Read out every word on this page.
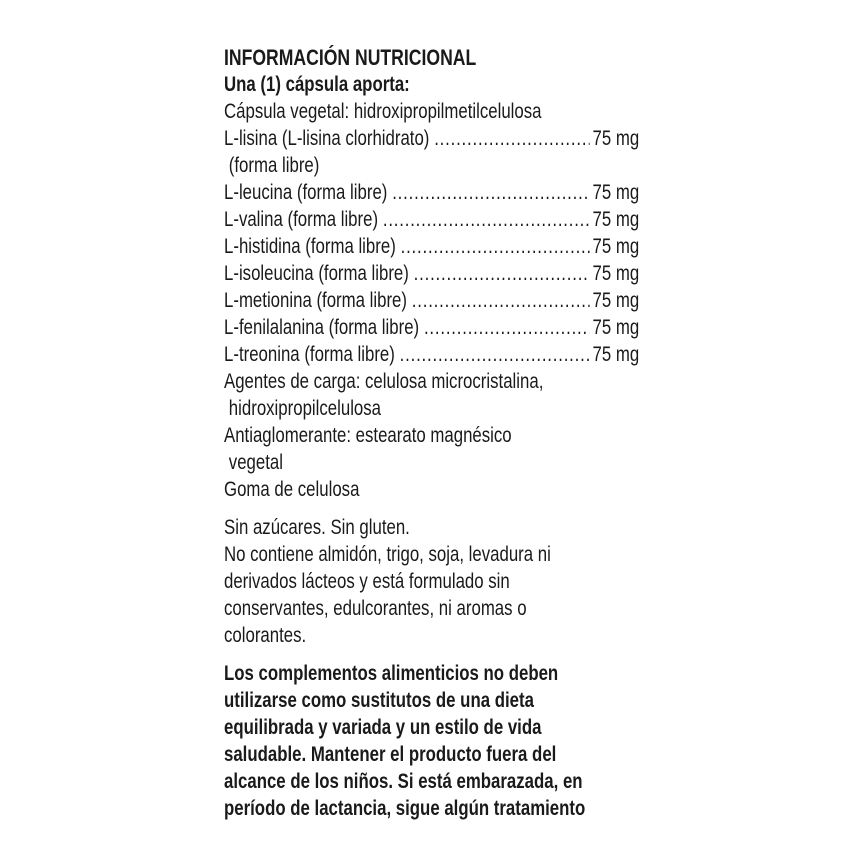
INFORMACIÓN NUTRICIONAL
Una (1) cápsula aporta:
Cápsula vegetal: hidroxipropilmetilcelulosa
L-lisina (L-lisina clorhidrato) .....	75 mg
(forma libre)
L-leucina (forma libre) .....	75 mg
L-valina (forma libre) .....	75 mg
L-histidina (forma libre) .....	75 mg
L-isoleucina (forma libre) .....	75 mg
L-metionina (forma libre) .....	75 mg
L-fenilalanina (forma libre) .....	75 mg
L-treonina (forma libre) .....	75 mg
Agentes de carga: celulosa microcristalina,
hidroxipropilcelulosa
Antiaglomerante: estearato magnésico
vegetal
Goma de celulosa
Sin azúcares. Sin gluten.
No contiene almidón, trigo, soja, levadura ni
derivados lácteos y está formulado sin
conservantes, edulcorantes, ni aromas o
colorantes.
Los complementos alimenticios no deben
utilizarse como sustitutos de una dieta
equilibrada y variada y un estilo de vida
saludable. Mantener el producto fuera del
alcance de los niños. Si está embarazada, en
período de lactancia, sigue algún tratamiento
